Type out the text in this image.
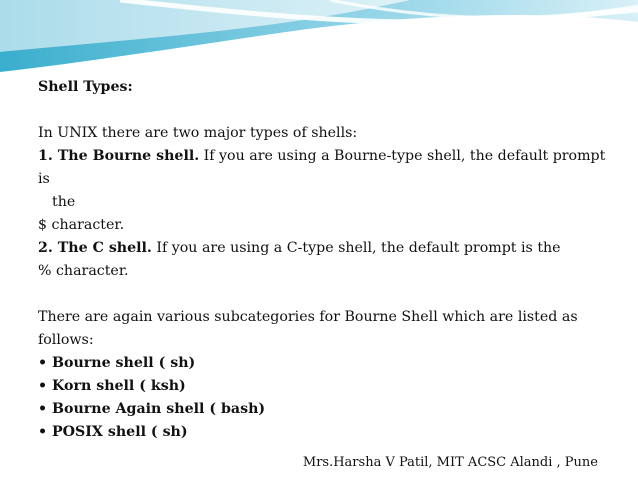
Shell Types:

In UNIX there are two major types of shells:

1. The Bourne shell. If you are using a Bourne-type shell, the default prompt is

the

$ character.

2. The C shell. If you are using a C-type shell, the default prompt is the

% character.

There are again various subcategories for Bourne Shell which are listed as follows:

• Bourne shell ( sh)

• Korn shell ( ksh)

• Bourne Again shell ( bash)

• POSIX shell ( sh)

Mrs.Harsha V Patil, MIT ACSC Alandi , Pune
